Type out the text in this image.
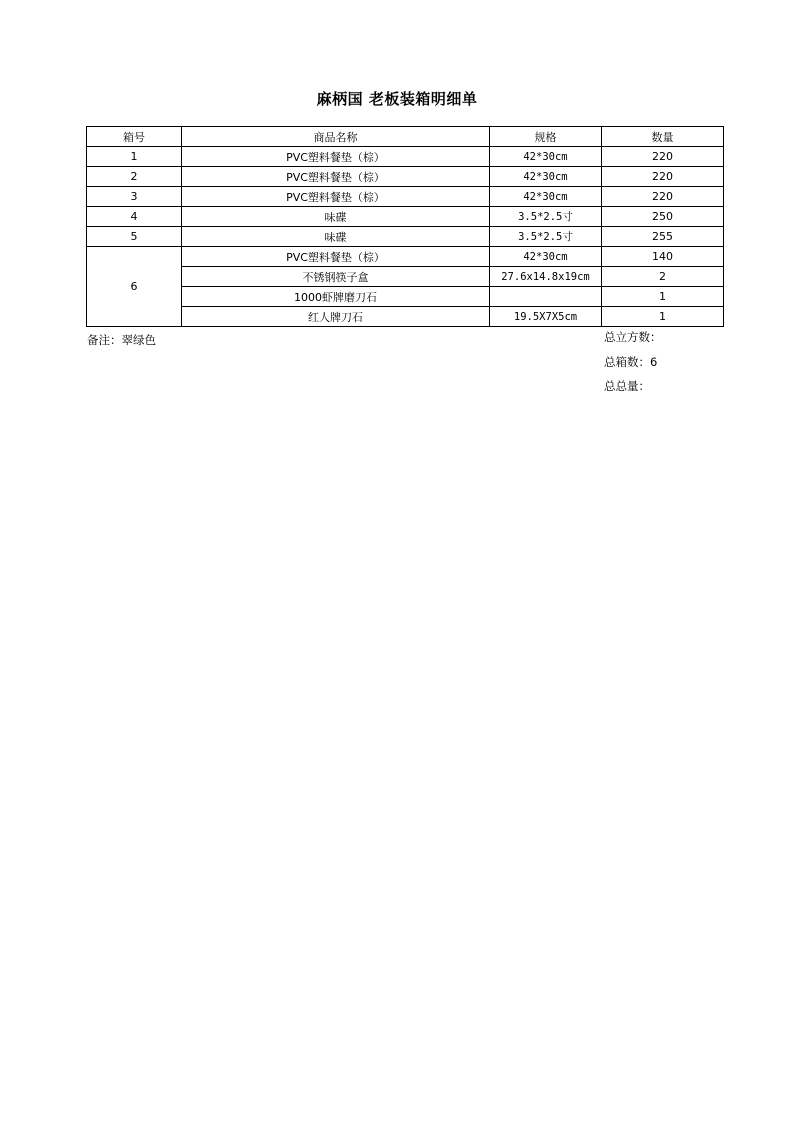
麻柄国 老板装箱明细单
箱号	商品名称	规格	数量
1	PVC塑料餐垫（棕）	42*30cm	220
2	PVC塑料餐垫（棕）	42*30cm	220
3	PVC塑料餐垫（棕）	42*30cm	220
4	味碟	3.5*2.5寸	250
5	味碟	3.5*2.5寸	255
6	PVC塑料餐垫（棕）	42*30cm	140
	不锈钢筷子盒	27.6x14.8x19cm	2
	1000虾牌磨刀石		1
	红人牌刀石	19.5X7X5cm	1
备注：翠绿色	总立方数：
总箱数：6
总总量：
